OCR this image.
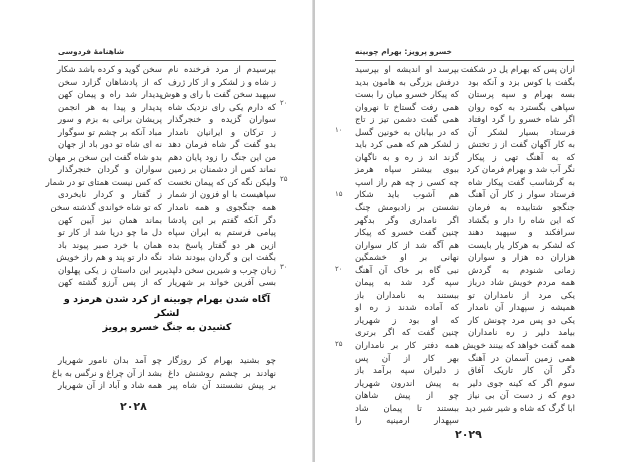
شاهنامهٔ فردوسی
بپرسیدم از مرد فرخنده نام
ز شاه و ز لشکر و از کار ژرف
سپهبد سخن گفت با رای و هوش
که دارم یکی رای نزدیک شاه
سواران گزیده و خنجرگذار
ز ترکان و ایرانیان نامدار
بدو گفت گر شاه فرمان دهد
من این جنگ را زود پایان دهم
نماند کس از دشمنان بر زمین
ولیکن نگه کن که پیمان نخست
سپاهیست با او فزون از شمار
همه جنگجوی و همه نامدار
دگر آنکه گفتم بر این پادشا
پیامی فرستم به ایران سپاه
ازین هر دو گفتار پاسخ بده
بگفت این و گردان ببودند شاد
زبان چرب و شیرین سخن دلپذیر
بسی آفرین خواند بر شهریار
سخن گوید و کرده باشد شکار
که از پادشاهان گزارد سخن
پدیدار شد راه و پیمان کهن
پدیدار و پیدا به هر انجمن
پریشان برانی به بزم و سور
مباد آنکه بر چشم تو سوگوار
نه ای شاه تو دور باد از جهان
بدو شاه گفت این سخن بر مهان
سواران و گردان خنجرگذار
که کس نیست همتای تو در شمار
ز گفتار و کردار نابخردی
که تو شاه خواندی گذشته سخن
بماند همان نیز آیین کهن
دل ما چو دریا شد از کار تو
همان با خرد صبر پیوند باد
نگه دار تو پند و هم راز خویش
بر این داستان ز یکی پهلوان
که از پس آرزو گشته کهن
۲۰
۲۵
۳۰
آگاه شدن بهرام چوبینه از کرد شدن هرمزد و لشکر
کشیدن به جنگ خسرو پرویز
چو بشنید بهرام کز روزگار
نهادند بر چشم روشنش داغ
بر پیش نشستند آن شاه پیر
چو آمد بدان نامور شهریار
بشد از آن چراغ و نرگس به باغ
همه شاد و آباد از آن شهریار
۲۰۲۸
خسرو پرویز: بهرام چوبینه
ازان پس که بهرام یل در شکفت
بگفت با کوس بزد و آنکه بود
بسه بهرام و سپه پرستان
سپاهی بگسترد به کوه روان
اگر شاه خسرو را گرد اوفتاد
فرستاد بسیار لشکر آن
به کار آگهان گفت از ز تختش
که به آهنگ تهی ز پیکار
نگر آب شد و بهرام فرمان کرد
به گرشاسب گفت پیکار شاه
فرستاد سوار ز کار آن آهنگ
جنگجو شتابیده به فرمان
که این شاه را دار و بگشاد
سرافکند و سپهبد دهند
که لشکر به هرکار یار بایست
هزاران ده هزار و سواران
زمانی شنودم به گردش
همه مردم خویش شاد درباز
یکی مرد از نامداران تو
همیشه ز سپهدار آن نامدار
یکی دو پس مرد چونش کار
بیامد دلیر ز ره نامداران
همه گفت خواهد که بینند خویش
همی زمین آسمان در آهنگ
دگر آن کار تاریک آفاق
سوم اگر که کینه جوی دلیر
دوم که ز دست آن بی نیاز
ابا گرگ که شاه و شیر شیر دید
بپرسد او اندیشه او بپرسید
درفش بزرگی به هامون بدید
که پیکار خسرو میان را بست
همی رفت گستاخ تا نهروان
همی گفت دشمن تیز ز تاج
که در بیابان به خونین گسل
ز لشکر هم که همی کرد باید
گزند اند ز ره و به ناگهان
ببوی بیشتر سپاه هرمز
چه کسی ز چه هم راز اسپ
هم آشوب باید شکار
نشستن بر زادبومش چنگ
اگر نامداری وگر بدگهر
چنین گفت خسرو که پیکار
هم آگه شد از کار سواران
نهانی بر او خشمگین
نبی گاه بر خاک آن آهنگ
سپه گرد شد به پیمان
ببستند به نامداران باز
که آماده شدند ز ره او
که او بود ز شهریار
چنین گفت که اگر برتری
همه دفتر کار بر نامداران
بهر کار از آن پس
ز دلیران سپه برآمد باز
به پیش اندرون شهریار
چو از پیش شاهان
ببستند تا پیمان شاد
سپهدار ارمینیه را
۱۰
۱۵
۲۰
۲۵
۲۰۲۹
